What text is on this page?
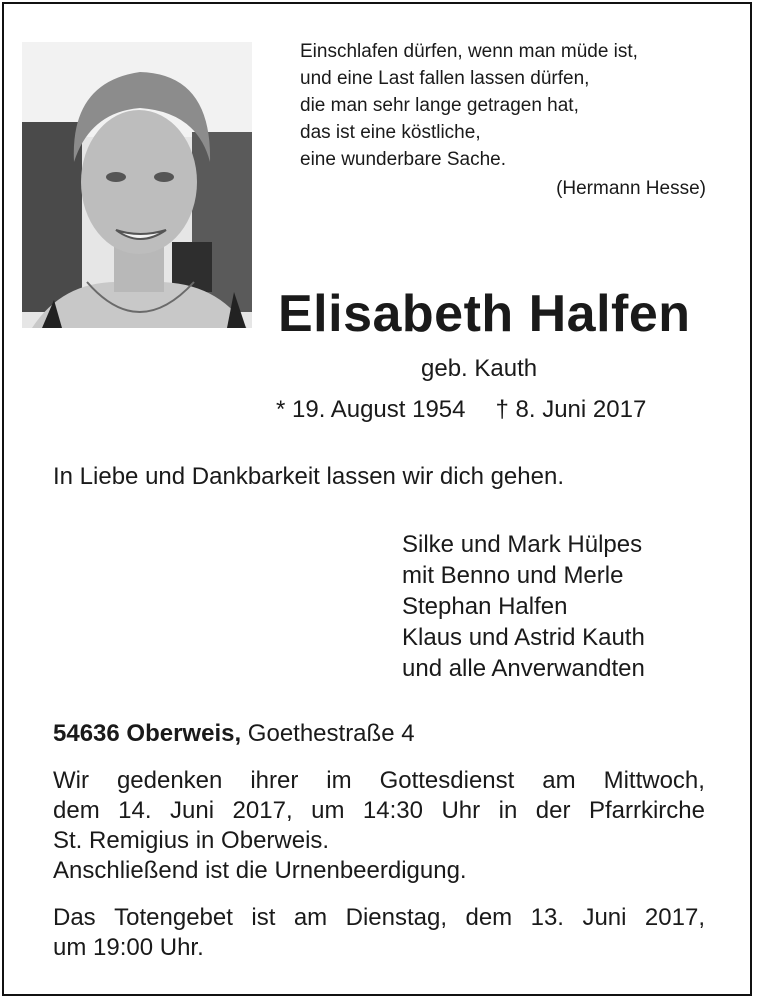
Einschlafen dürfen, wenn man müde ist,
und eine Last fallen lassen dürfen,
die man sehr lange getragen hat,
das ist eine köstliche,
eine wunderbare Sache.
(Hermann Hesse)
Elisabeth Halfen
geb. Kauth
* 19. August 1954 † 8. Juni 2017
In Liebe und Dankbarkeit lassen wir dich gehen.
Silke und Mark Hülpes
mit Benno und Merle
Stephan Halfen
Klaus und Astrid Kauth
und alle Anverwandten
54636 Oberweis, Goethestraße 4
Wir gedenken ihrer im Gottesdienst am Mittwoch,
dem 14. Juni 2017, um 14:30 Uhr in der Pfarrkirche
St. Remigius in Oberweis.
Anschließend ist die Urnenbeerdigung.
Das Totengebet ist am Dienstag, dem 13. Juni 2017,
um 19:00 Uhr.
